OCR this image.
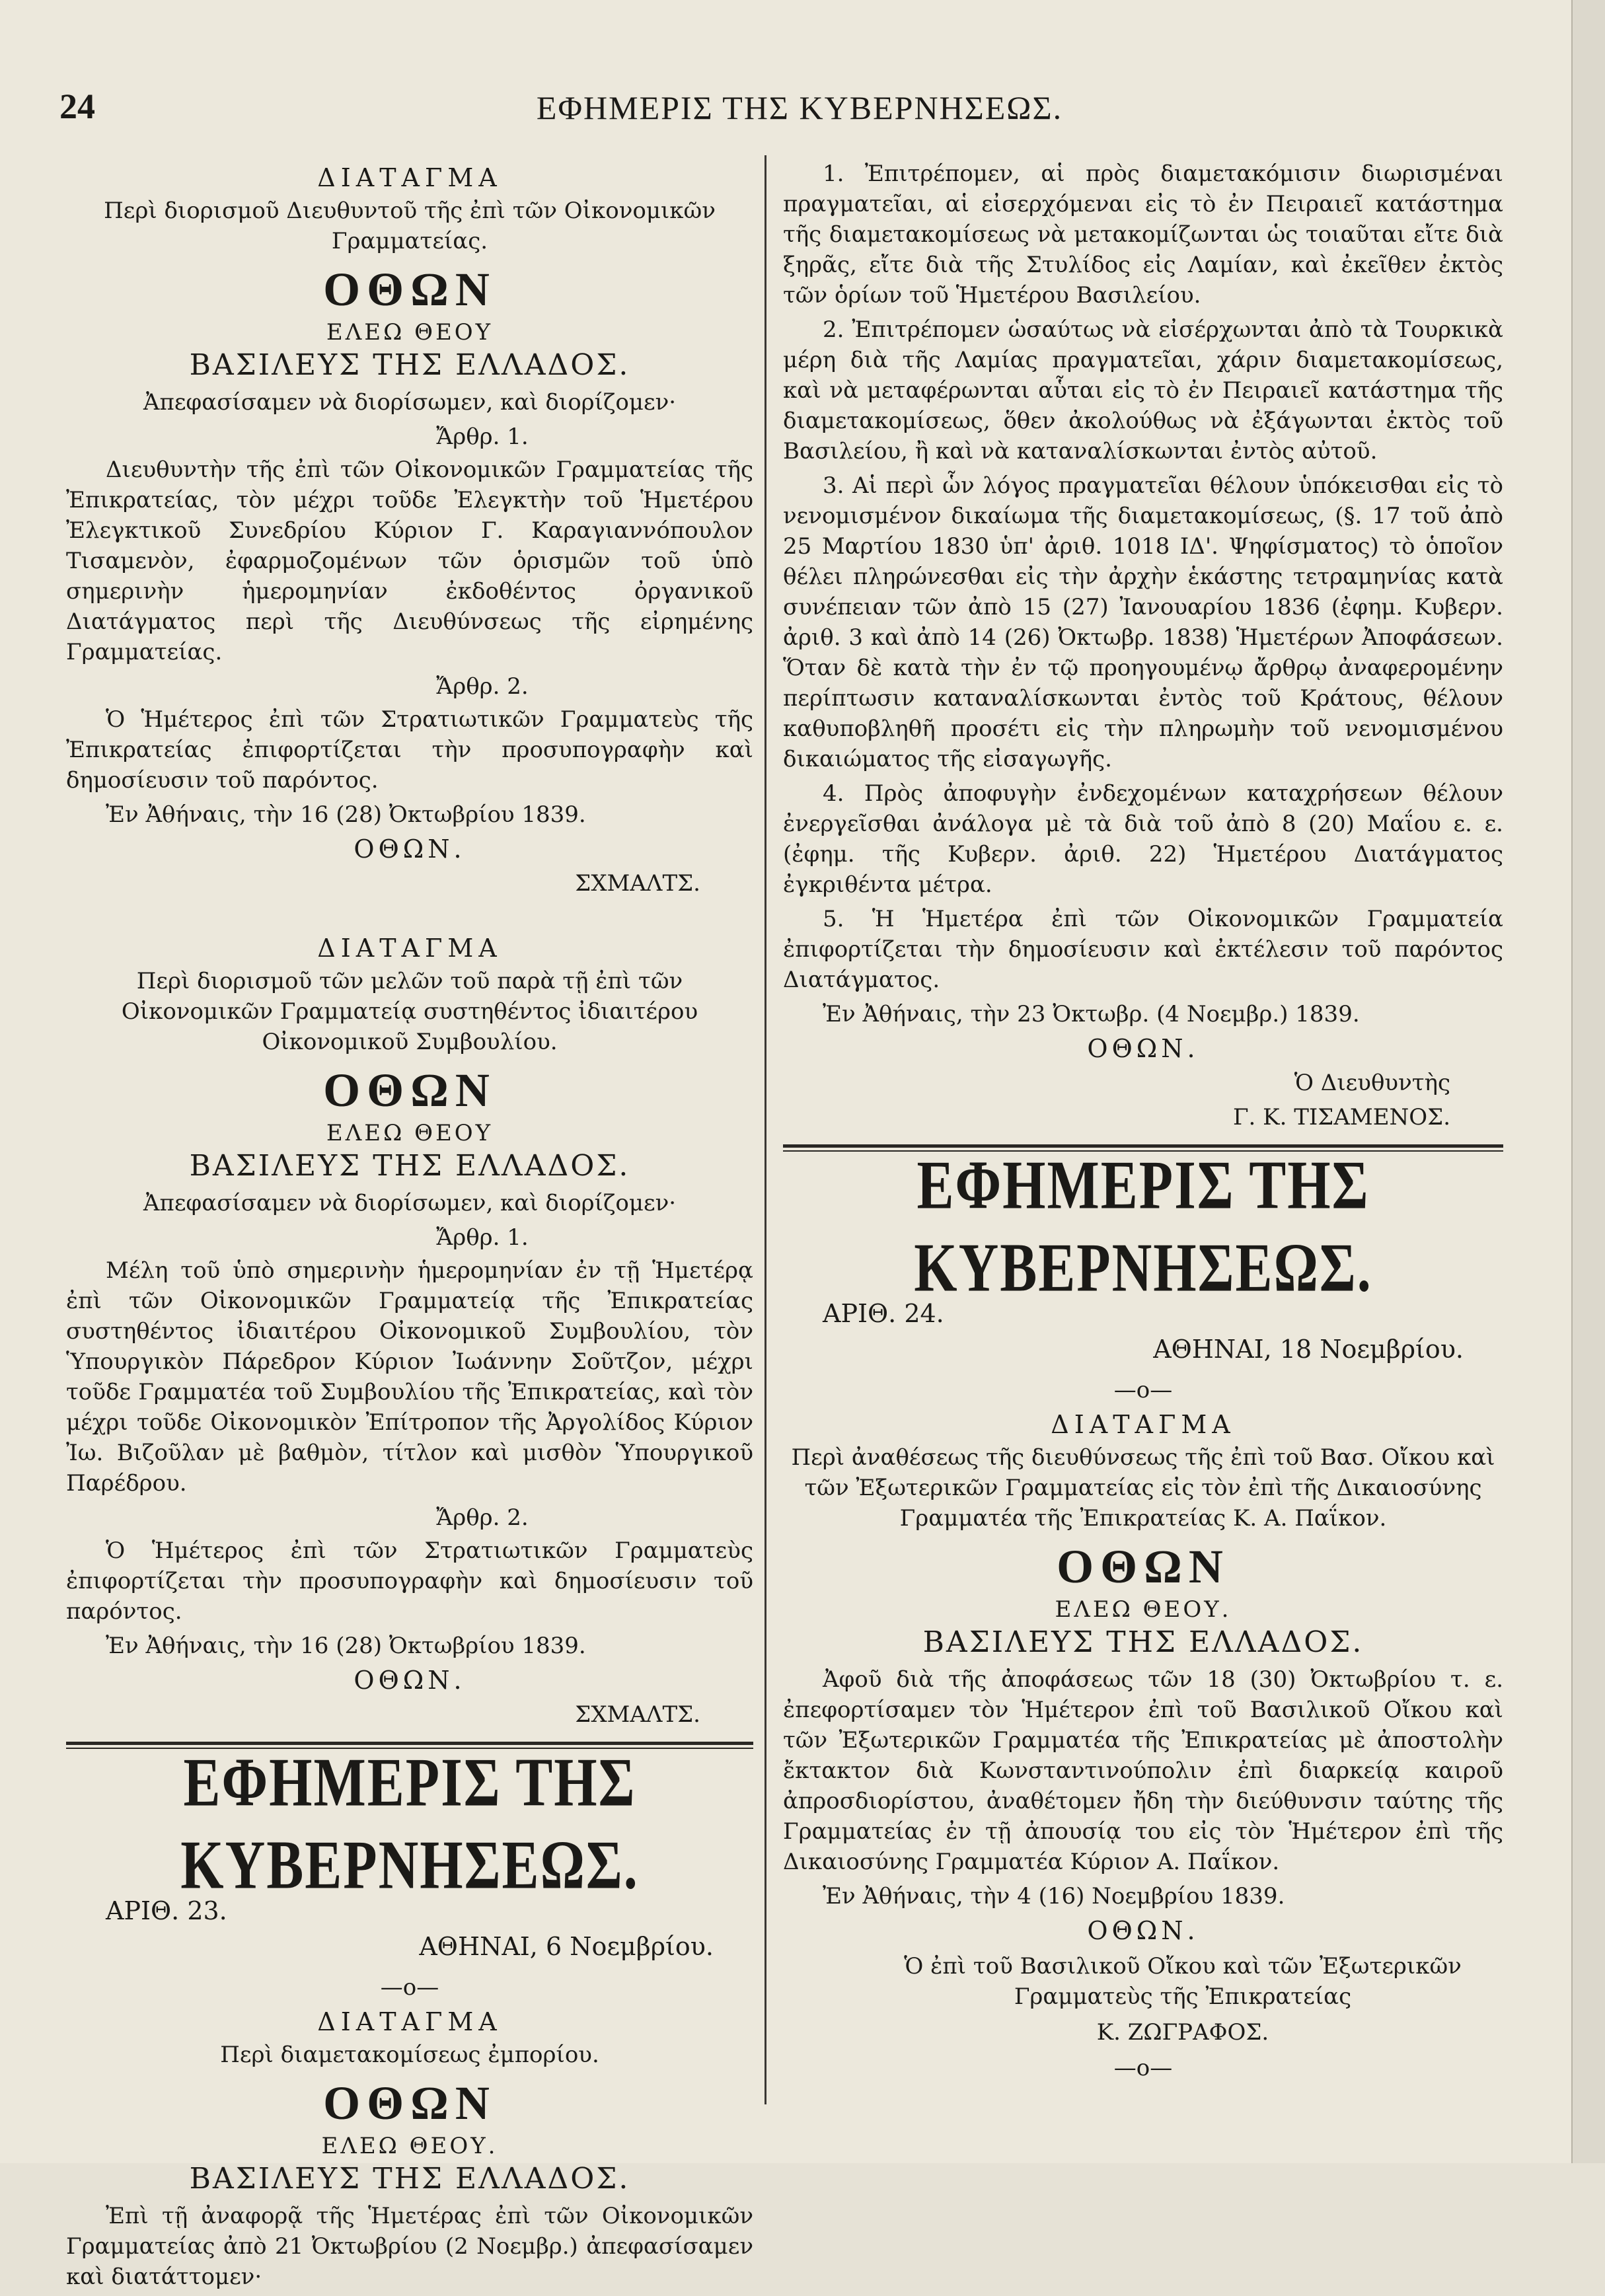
24	ΕΦΗΜΕΡΙΣ ΤΗΣ ΚΥΒΕΡΝΗΣΕΩΣ.
ΔΙΑΤΑΓΜΑ

Περὶ διορισμοῦ Διευθυντοῦ τῆς ἐπὶ τῶν Οἰκονομικῶν Γραμματείας.

ΟΘΩΝ
ΕΛΕΩ ΘΕΟΥ
ΒΑΣΙΛΕΥΣ ΤΗΣ ΕΛΛΑΔΟΣ.

Ἀπεφασίσαμεν νὰ διορίσωμεν, καὶ διορίζομεν·

Ἄρθρ. 1.

Διευθυντὴν τῆς ἐπὶ τῶν Οἰκονομικῶν Γραμματείας τῆς Ἐπικρατείας, τὸν μέχρι τοῦδε Ἐλεγκτὴν τοῦ Ἡμετέρου Ἐλεγκτικοῦ Συνεδρίου Κύριον Γ. Καραγιαννόπουλον Τισαμενὸν, ἐφαρμοζομένων τῶν ὁρισμῶν τοῦ ὑπὸ σημερινὴν ἡμερομηνίαν ἐκδοθέντος ὀργανικοῦ Διατάγματος περὶ τῆς Διευθύνσεως τῆς εἰρημένης Γραμματείας.

Ἄρθρ. 2.

Ὁ Ἡμέτερος ἐπὶ τῶν Στρατιωτικῶν Γραμματεὺς τῆς Ἐπικρατείας ἐπιφορτίζεται τὴν προσυπογραφὴν καὶ δημοσίευσιν τοῦ παρόντος.

Ἐν Ἀθήναις, τὴν 16 (28) Ὀκτωβρίου 1839.

ΟΘΩΝ.

ΣΧΜΑΛΤΣ.

ΔΙΑΤΑΓΜΑ

Περὶ διορισμοῦ τῶν μελῶν τοῦ παρὰ τῇ ἐπὶ τῶν Οἰκονομικῶν Γραμματείᾳ συστηθέντος ἰδιαιτέρου Οἰκονομικοῦ Συμβουλίου.

ΟΘΩΝ
ΕΛΕΩ ΘΕΟΥ
ΒΑΣΙΛΕΥΣ ΤΗΣ ΕΛΛΑΔΟΣ.

Ἀπεφασίσαμεν νὰ διορίσωμεν, καὶ διορίζομεν·

Ἄρθρ. 1.

Μέλη τοῦ ὑπὸ σημερινὴν ἡμερομηνίαν ἐν τῇ Ἡμετέρᾳ ἐπὶ τῶν Οἰκονομικῶν Γραμματείᾳ τῆς Ἐπικρατείας συστηθέντος ἰδιαιτέρου Οἰκονομικοῦ Συμβουλίου, τὸν Ὑπουργικὸν Πάρεδρον Κύριον Ἰωάννην Σοῦτζον, μέχρι τοῦδε Γραμματέα τοῦ Συμβουλίου τῆς Ἐπικρατείας, καὶ τὸν μέχρι τοῦδε Οἰκονομικὸν Ἐπίτροπον τῆς Ἀργολίδος Κύριον Ἰω. Βιζοῦλαν μὲ βαθμὸν, τίτλον καὶ μισθὸν Ὑπουργικοῦ Παρέδρου.

Ἄρθρ. 2.

Ὁ Ἡμέτερος ἐπὶ τῶν Στρατιωτικῶν Γραμματεὺς ἐπιφορτίζεται τὴν προσυπογραφὴν καὶ δημοσίευσιν τοῦ παρόντος.

Ἐν Ἀθήναις, τὴν 16 (28) Ὀκτωβρίου 1839.

ΟΘΩΝ.

ΣΧΜΑΛΤΣ.

ΕΦΗΜΕΡΙΣ ΤΗΣ ΚΥΒΕΡΝΗΣΕΩΣ.
ΑΡΙΘ. 23.
ΑΘΗΝΑΙ, 6 Νοεμβρίου.
—ο—
ΔΙΑΤΑΓΜΑ

Περὶ διαμετακομίσεως ἐμπορίου.

ΟΘΩΝ
ΕΛΕΩ ΘΕΟΥ.
ΒΑΣΙΛΕΥΣ ΤΗΣ ΕΛΛΑΔΟΣ.

Ἐπὶ τῇ ἀναφορᾷ τῆς Ἡμετέρας ἐπὶ τῶν Οἰκονομικῶν Γραμματείας ἀπὸ 21 Ὀκτωβρίου (2 Νοεμβρ.) ἀπεφασίσαμεν καὶ διατάττομεν·

1. Ἐπιτρέπομεν, αἱ πρὸς διαμετακόμισιν διωρισμέναι πραγματεῖαι, αἱ εἰσερχόμεναι εἰς τὸ ἐν Πειραιεῖ κατάστημα τῆς διαμετακομίσεως νὰ μετακομίζωνται ὡς τοιαῦται εἴτε διὰ ξηρᾶς, εἴτε διὰ τῆς Στυλίδος εἰς Λαμίαν, καὶ ἐκεῖθεν ἐκτὸς τῶν ὁρίων τοῦ Ἡμετέρου Βασιλείου.

2. Ἐπιτρέπομεν ὡσαύτως νὰ εἰσέρχωνται ἀπὸ τὰ Τουρκικὰ μέρη διὰ τῆς Λαμίας πραγματεῖαι, χάριν διαμετακομίσεως, καὶ νὰ μεταφέρωνται αὗται εἰς τὸ ἐν Πειραιεῖ κατάστημα τῆς διαμετακομίσεως, ὅθεν ἀκολούθως νὰ ἐξάγωνται ἐκτὸς τοῦ Βασιλείου, ἢ καὶ νὰ καταναλίσκωνται ἐντὸς αὐτοῦ.

3. Αἱ περὶ ὧν λόγος πραγματεῖαι θέλουν ὑπόκεισθαι εἰς τὸ νενομισμένον δικαίωμα τῆς διαμετακομίσεως, (§. 17 τοῦ ἀπὸ 25 Μαρτίου 1830 ὑπ' ἀριθ. 1018 ΙΔ'. Ψηφίσματος) τὸ ὁποῖον θέλει πληρώνεσθαι εἰς τὴν ἀρχὴν ἑκάστης τετραμηνίας κατὰ συνέπειαν τῶν ἀπὸ 15 (27) Ἰανουαρίου 1836 (ἐφημ. Κυβερν. ἀριθ. 3 καὶ ἀπὸ 14 (26) Ὀκτωβρ. 1838) Ἡμετέρων Ἀποφάσεων. Ὅταν δὲ κατὰ τὴν ἐν τῷ προηγουμένῳ ἄρθρῳ ἀναφερομένην περίπτωσιν καταναλίσκωνται ἐντὸς τοῦ Κράτους, θέλουν καθυποβληθῆ προσέτι εἰς τὴν πληρωμὴν τοῦ νενομισμένου δικαιώματος τῆς εἰσαγωγῆς.

4. Πρὸς ἀποφυγὴν ἐνδεχομένων καταχρήσεων θέλουν ἐνεργεῖσθαι ἀνάλογα μὲ τὰ διὰ τοῦ ἀπὸ 8 (20) Μαΐου ε. ε. (ἐφημ. τῆς Κυβερν. ἀριθ. 22) Ἡμετέρου Διατάγματος ἐγκριθέντα μέτρα.

5. Ἡ Ἡμετέρα ἐπὶ τῶν Οἰκονομικῶν Γραμματεία ἐπιφορτίζεται τὴν δημοσίευσιν καὶ ἐκτέλεσιν τοῦ παρόντος Διατάγματος.

Ἐν Ἀθήναις, τὴν 23 Ὀκτωβρ. (4 Νοεμβρ.) 1839.

ΟΘΩΝ.

Ὁ Διευθυντὴς

Γ. Κ. ΤΙΣΑΜΕΝΟΣ.

ΕΦΗΜΕΡΙΣ ΤΗΣ ΚΥΒΕΡΝΗΣΕΩΣ.
ΑΡΙΘ. 24.
ΑΘΗΝΑΙ, 18 Νοεμβρίου.
—ο—
ΔΙΑΤΑΓΜΑ

Περὶ ἀναθέσεως τῆς διευθύνσεως τῆς ἐπὶ τοῦ Βασ. Οἴκου καὶ τῶν Ἐξωτερικῶν Γραμματείας εἰς τὸν ἐπὶ τῆς Δικαιοσύνης Γραμματέα τῆς Ἐπικρατείας Κ. Α. Παΐκον.

ΟΘΩΝ
ΕΛΕΩ ΘΕΟΥ.
ΒΑΣΙΛΕΥΣ ΤΗΣ ΕΛΛΑΔΟΣ.

Ἀφοῦ διὰ τῆς ἀποφάσεως τῶν 18 (30) Ὀκτωβρίου τ. ε. ἐπεφορτίσαμεν τὸν Ἡμέτερον ἐπὶ τοῦ Βασιλικοῦ Οἴκου καὶ τῶν Ἐξωτερικῶν Γραμματέα τῆς Ἐπικρατείας μὲ ἀποστολὴν ἔκτακτον διὰ Κωνσταντινούπολιν ἐπὶ διαρκείᾳ καιροῦ ἀπροσδιορίστου, ἀναθέτομεν ἤδη τὴν διεύθυνσιν ταύτης τῆς Γραμματείας ἐν τῇ ἀπουσίᾳ του εἰς τὸν Ἡμέτερον ἐπὶ τῆς Δικαιοσύνης Γραμματέα Κύριον Α. Παΐκον.

Ἐν Ἀθήναις, τὴν 4 (16) Νοεμβρίου 1839.

ΟΘΩΝ.

Ὁ ἐπὶ τοῦ Βασιλικοῦ Οἴκου καὶ τῶν Ἐξωτερικῶν Γραμματεὺς τῆς Ἐπικρατείας

Κ. ΖΩΓΡΑΦΟΣ.

—ο—
